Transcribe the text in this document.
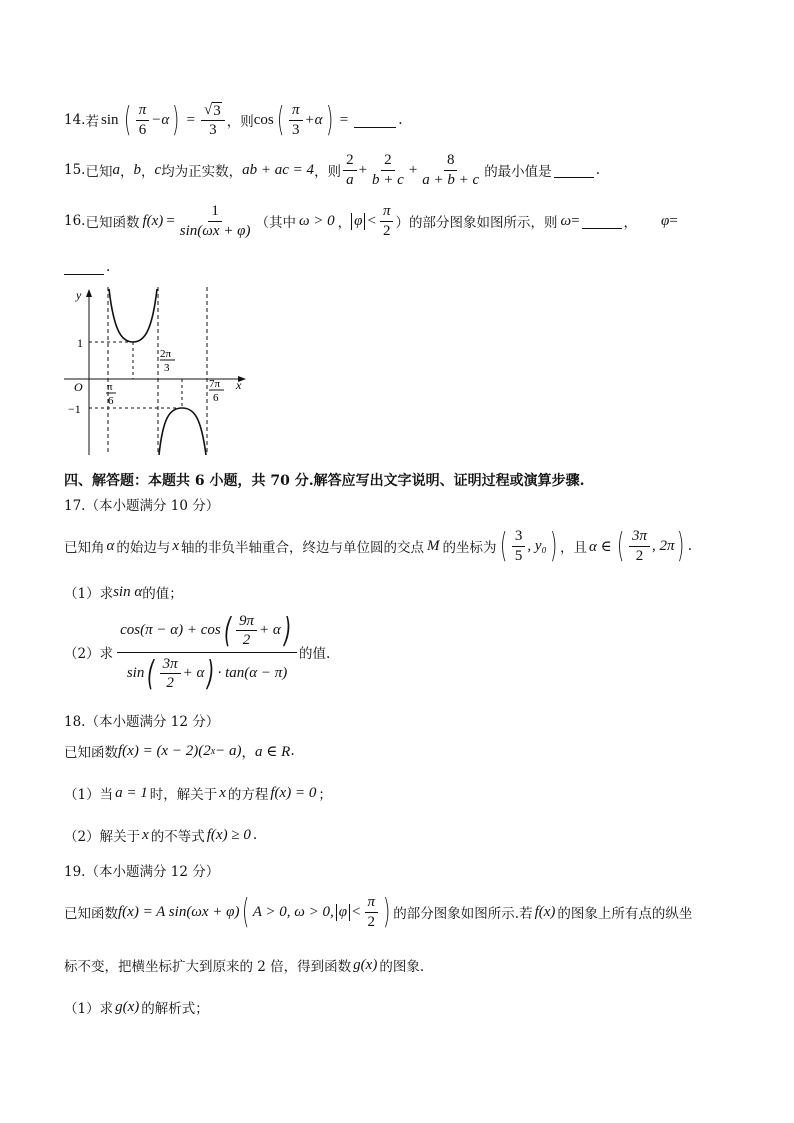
14. 若 sin ( $\frac{\pi}{6} -\alpha$ ) = $\frac{√ 3}{3}$ ，则 cos ( $\frac{\pi}{3} +\alpha$ ) =	.
15. 已知 a ， b ， c 均为正实数， ab + ac = 4 ，则 $\frac{2}{a} + \frac{2}{b + c} + \frac{8}{a + b + c}$ 的最小值是	.
16. 已知函数 $f(x) = \frac{1}{\sin(\omega x + \varphi)}$ （其中 ω > 0 ， $\varphi < \frac{\pi}{2}$ ）的部分图象如图所示，则 ω =	， φ =
.
y
x
O
1
−1
π
6
2π
3
7π
6
四、解答题：本题共 6 小题，共 70 分.解答应写出文字说明、证明过程或演算步骤.
17.（本小题满分 10 分）
已知角 α 的始边与 x 轴的非负半轴重合，终边与单位圆的交点 M 的坐标为 ( $\frac{3}{5}$ , y₀ ) ，且 α ∈ ( $\frac{3\pi}{2}$ , 2π ) .
（1）求 sin α 的值；
（2）求 $\frac{\cos(\pi - \alpha) + \cos ( \frac{9\pi}{2} + \alpha )}{\sin ( \frac{3\pi}{2} + \alpha ) \cdot \tan(\alpha - \pi)}$ 的值.
18.（本小题满分 12 分）
已知函数 f(x) = (x − 2)(2 x − a) ， a ∈ R .
（1）当 a = 1 时，解关于 x 的方程 f(x) = 0 ；
（2）解关于 x 的不等式 f(x) ≥ 0 .
19.（本小题满分 12 分）
已知函数 f(x) = A sin(ωx + φ) ( A > 0, ω > 0, $\varphi < \frac{\pi}{2}$ ) 的部分图象如图所示.若 f(x) 的图象上所有点的纵坐
标不变，把横坐标扩大到原来的 2 倍，得到函数 g(x) 的图象.
（1）求 g(x) 的解析式；
